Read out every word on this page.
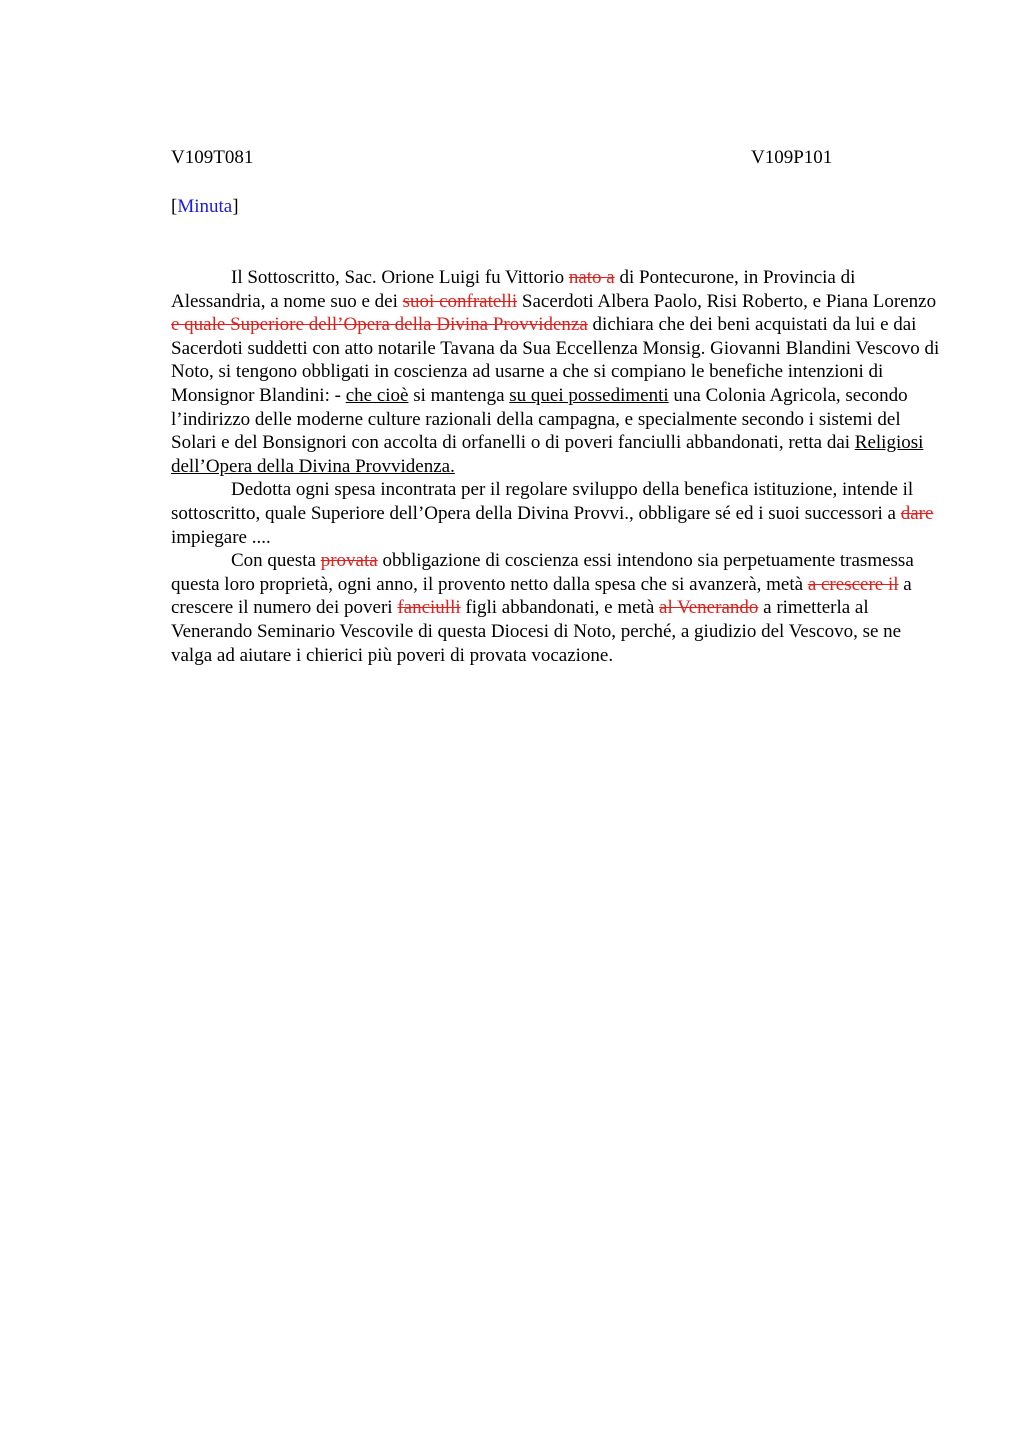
V109T081	V109P101
[Minuta]

Il Sottoscritto, Sac. Orione Luigi fu Vittorio nato a di Pontecurone, in Provincia di Alessandria, a nome suo e dei suoi confratelli Sacerdoti Albera Paolo, Risi Roberto, e Piana Lorenzo e quale Superiore dell’Opera della Divina Provvidenza dichiara che dei beni acquistati da lui e dai Sacerdoti suddetti con atto notarile Tavana da Sua Eccellenza Monsig. Giovanni Blandini Vescovo di Noto, si tengono obbligati in coscienza ad usarne a che si compiano le benefiche intenzioni di Monsignor Blandini: - che cioè si mantenga su quei possedimenti una Colonia Agricola, secondo l’indirizzo delle moderne culture razionali della campagna, e specialmente secondo i sistemi del Solari e del Bonsignori con accolta di orfanelli o di poveri fanciulli abbandonati, retta dai Religiosi dell’Opera della Divina Provvidenza.

Dedotta ogni spesa incontrata per il regolare sviluppo della benefica istituzione, intende il sottoscritto, quale Superiore dell’Opera della Divina Provvi., obbligare sé ed i suoi successori a dare impiegare ....

Con questa provata obbligazione di coscienza essi intendono sia perpetuamente trasmessa questa loro proprietà, ogni anno, il provento netto dalla spesa che si avanzerà, metà a crescere il a crescere il numero dei poveri fanciulli figli abbandonati, e metà al Venerando a rimetterla al Venerando Seminario Vescovile di questa Diocesi di Noto, perché, a giudizio del Vescovo, se ne valga ad aiutare i chierici più poveri di provata vocazione.
